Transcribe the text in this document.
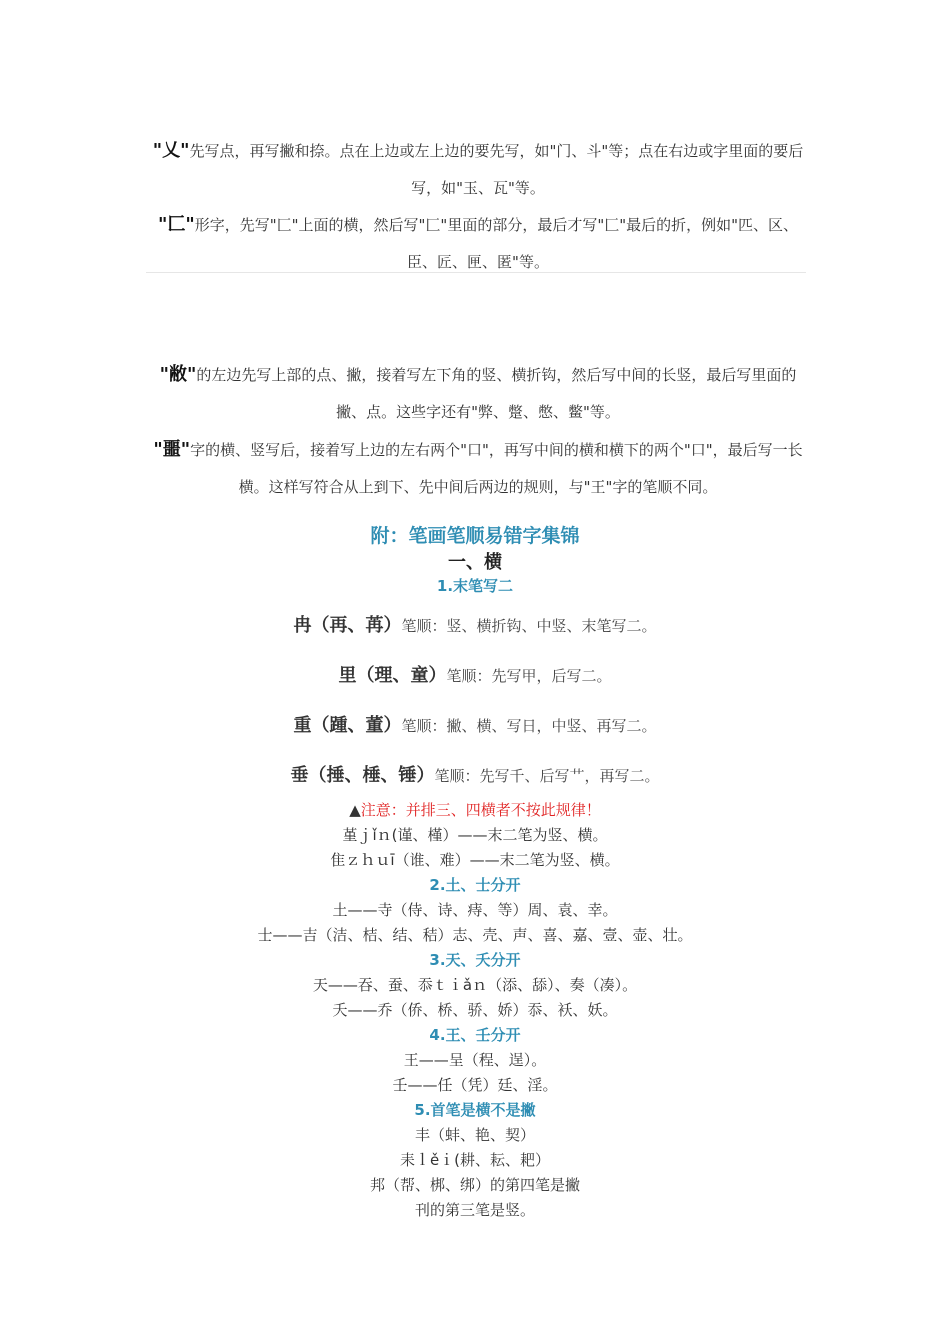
"乂"先写点，再写撇和捺。点在上边或左上边的要先写，如"门、斗"等；点在右边或字里面的要后写，如"玉、瓦"等。
"匚"形字，先写"匚"上面的横，然后写"匚"里面的部分，最后才写"匚"最后的折，例如"匹、区、臣、匠、匣、匿"等。
"敝"的左边先写上部的点、撇，接着写左下角的竖、横折钩，然后写中间的长竖，最后写里面的撇、点。这些字还有"弊、蹩、憋、鳖"等。
"噩"字的横、竖写后，接着写上边的左右两个"口"，再写中间的横和横下的两个"口"，最后写一长横。这样写符合从上到下、先中间后两边的规则，与"王"字的笔顺不同。
附：笔画笔顺易错字集锦
一、横
1.末笔写二
冉（再、苒）笔顺：竖、横折钩、中竖、末笔写二。
里（理、童）笔顺：先写甲，后写二。
重（踵、董）笔顺：撇、横、写日，中竖、再写二。
垂（捶、棰、锤）笔顺：先写千、后写艹，再写二。
▲注意：并排三、四横者不按此规律！
堇ｊǐｎ(谨、槿）——末二笔为竖、横。
隹ｚｈｕī（谁、难）——末二笔为竖、横。
2.土、士分开
土——寺（侍、诗、痔、等）周、袁、幸。
士——吉（洁、桔、结、秸）志、壳、声、喜、嘉、壹、壶、壮。
3.天、夭分开
天——吞、蚕、忝ｔｉǎｎ（添、舔）、奏（凑）。
夭——乔（侨、桥、骄、娇）忝、袄、妖。
4.王、壬分开
王——呈（程、逞）。
壬——任（凭）廷、淫。
5.首笔是横不是撇
丰（蚌、艳、契）
耒ｌěｉ(耕、耘、耙）
邦（帮、梆、绑）的第四笔是撇
刊的第三笔是竖。
